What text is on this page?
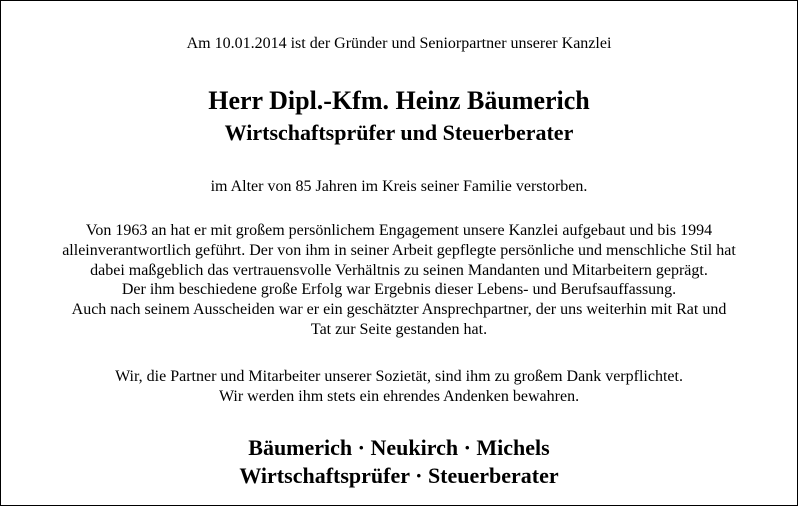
Am 10.01.2014 ist der Gründer und Seniorpartner unserer Kanzlei
Herr Dipl.-Kfm. Heinz Bäumerich
Wirtschaftsprüfer und Steuerberater
im Alter von 85 Jahren im Kreis seiner Familie verstorben.
Von 1963 an hat er mit großem persönlichem Engagement unsere Kanzlei aufgebaut und bis 1994
alleinverantwortlich geführt. Der von ihm in seiner Arbeit gepflegte persönliche und menschliche Stil hat
dabei maßgeblich das vertrauensvolle Verhältnis zu seinen Mandanten und Mitarbeitern geprägt.
Der ihm beschiedene große Erfolg war Ergebnis dieser Lebens- und Berufsauffassung.
Auch nach seinem Ausscheiden war er ein geschätzter Ansprechpartner, der uns weiterhin mit Rat und
Tat zur Seite gestanden hat.
Wir, die Partner und Mitarbeiter unserer Sozietät, sind ihm zu großem Dank verpflichtet.
Wir werden ihm stets ein ehrendes Andenken bewahren.
Bäumerich · Neukirch · Michels
Wirtschaftsprüfer · Steuerberater
